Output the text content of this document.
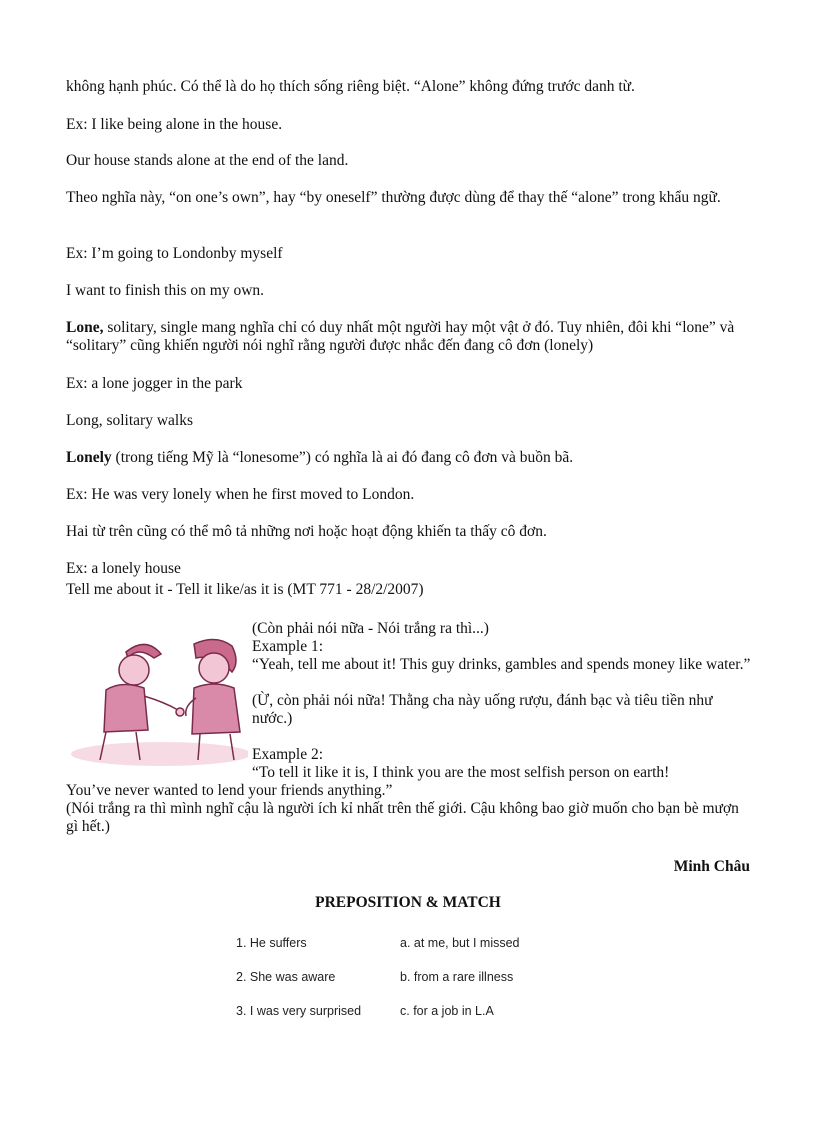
không hạnh phúc. Có thể là do họ thích sống riêng biệt. “Alone” không đứng trước danh từ.

Ex: I like being alone in the house.

Our house stands alone at the end of the land.

Theo nghĩa này, “on one’s own”, hay “by oneself” thường được dùng để thay thế “alone” trong khẩu ngữ.

Ex: I’m going to Londonby myself

I want to finish this on my own.

Lone, solitary, single mang nghĩa chỉ có duy nhất một người hay một vật ở đó. Tuy nhiên, đôi khi “lone” và “solitary” cũng khiến người nói nghĩ rằng người được nhắc đến đang cô đơn (lonely)

Ex: a lone jogger in the park

Long, solitary walks

Lonely (trong tiếng Mỹ là “lonesome”) có nghĩa là ai đó đang cô đơn và buồn bã.

Ex: He was very lonely when he first moved to London.

Hai từ trên cũng có thể mô tả những nơi hoặc hoạt động khiến ta thấy cô đơn.

Ex: a lonely house

Tell me about it - Tell it like/as it is (MT 771 - 28/2/2007)

(Còn phải nói nữa - Nói trắng ra thì...)

Example 1:

“Yeah, tell me about it! This guy drinks, gambles and spends money like water.”

(Ừ, còn phải nói nữa! Thằng cha này uống rượu, đánh bạc và tiêu tiền như nước.)

Example 2:

“To tell it like it is, I think you are the most selfish person on earth!

You’ve never wanted to lend your friends anything.”

(Nói trắng ra thì mình nghĩ cậu là người ích kỉ nhất trên thế giới. Cậu không bao giờ muốn cho bạn bè mượn gì hết.)

Minh Châu
PREPOSITION & MATCH
1. He suffers	a. at me, but I missed
2. She was aware	b. from a rare illness
3. I was very surprised	c. for a job in L.A
